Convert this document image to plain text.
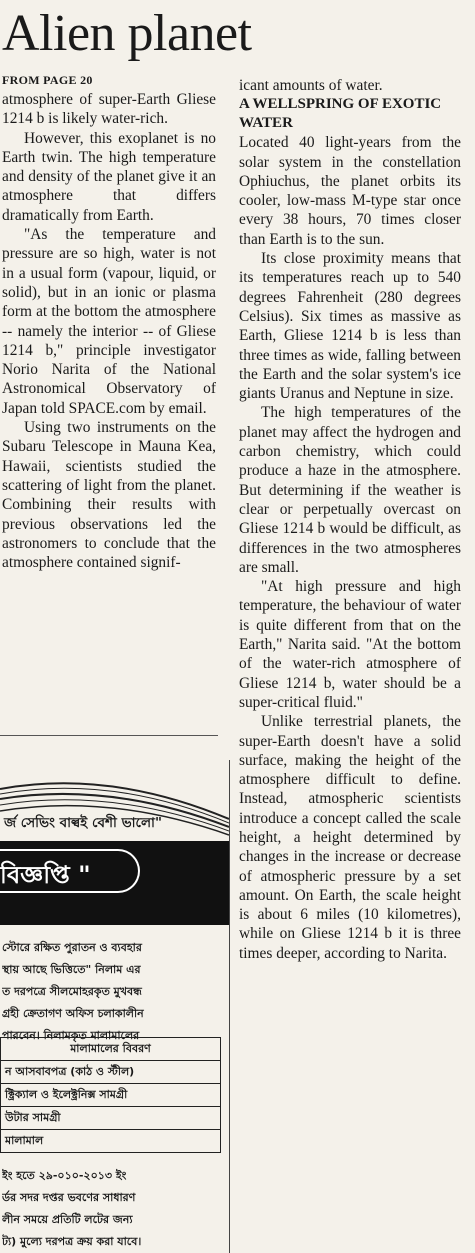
Alien planet
FROM PAGE 20

atmosphere of super-Earth Gliese 1214 b is likely water-rich.

However, this exoplanet is no Earth twin. The high temperature and density of the planet give it an atmosphere that differs dramatically from Earth.

"As the temperature and pressure are so high, water is not in a usual form (vapour, liquid, or solid), but in an ionic or plasma form at the bottom the atmosphere -- namely the interior -- of Gliese 1214 b," principle investigator Norio Narita of the National Astronomical Observatory of Japan told SPACE.com by email.

Using two instruments on the Subaru Telescope in Mauna Kea, Hawaii, scientists studied the scattering of light from the planet. Combining their results with previous observations led the astronomers to conclude that the atmosphere contained signif-

icant amounts of water.

A WELLSPRING OF EXOTIC WATER

Located 40 light-years from the solar system in the constellation Ophiuchus, the planet orbits its cooler, low-mass M-type star once every 38 hours, 70 times closer than Earth is to the sun.

Its close proximity means that its temperatures reach up to 540 degrees Fahrenheit (280 degrees Celsius). Six times as massive as Earth, Gliese 1214 b is less than three times as wide, falling between the Earth and the solar system's ice giants Uranus and Neptune in size.

The high temperatures of the planet may affect the hydrogen and carbon chemistry, which could produce a haze in the atmosphere. But determining if the weather is clear or perpetually overcast on Gliese 1214 b would be difficult, as differences in the two atmospheres are small.

"At high pressure and high temperature, the behaviour of water is quite different from that on the Earth," Narita said. "At the bottom of the water-rich atmosphere of Gliese 1214 b, water should be a super-critical fluid."

Unlike terrestrial planets, the super-Earth doesn't have a solid surface, making the height of the atmosphere difficult to define. Instead, atmospheric scientists introduce a concept called the scale height, a height determined by changes in the increase or decrease of atmospheric pressure by a set amount. On Earth, the scale height is about 6 miles (10 kilometres), while on Gliese 1214 b it is three times deeper, according to Narita.

র্জ সেভিং বাল্বই বেশী ভালো"
বিজ্ঞপ্তি "
স্টোরে রক্ষিত পুরাতন ও ব্যবহার
স্থায় আছে ভিত্তিতে" নিলাম এর
ত দরপত্রে সীলমোহরকৃত মুখবন্ধ
গ্রহী ক্রেতাগণ অফিস চলাকালীন
পারবেন। নিলামকৃত মালামালের
মালামালের বিবরণ
ন আসবাবপত্র (কাঠ ও স্টীল)
ক্ট্রিক্যাল ও ইলেক্ট্রনিক্স সামগ্রী
উটার সামগ্রী
মালামাল
ইং হতে ২৯-০১০-২০১৩ ইং
র্ডর সদর দপ্তর ভবণের সাধারণ
লীন সময়ে প্রতিটি লটের জন্য
ট্য) মুল্যে দরপত্র ক্রয় করা যাবে।
